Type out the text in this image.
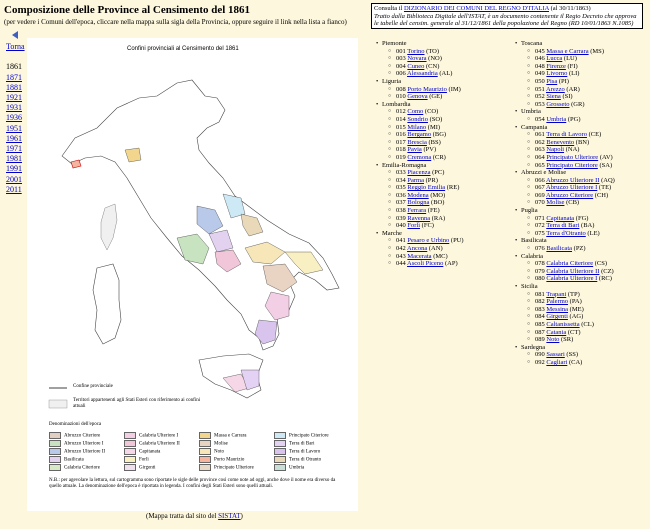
Composizione delle Province al Censimento del 1861
(per vedere i Comuni dell'epoca, cliccare nella mappa sulla sigla della Provincia, oppure seguire il link nella lista a fianco)
Consulta il DIZIONARIO DEI COMUNI DEL REGNO D'ITALIA (al 30/11/1863)
Tratto dalla Biblioteca Digitale dell'ISTAT, è un documento contenente il Regio Decreto che approva
le tabelle del censim. generale al 31/12/1861 della popolazione del Regno (RD 10/01/1863 N.1085)
Torna
1861
1871
1881
1921
1931
1936
1951
1961
1971
1981
1991
2001
2011
Confini provinciali al Censimento del 1861
Confine provinciale
Territori appartenenti agli Stati Esteri con riferimento ai confini attuali
Denominazioni dell'epoca
Abruzzo Citeriore	Calabria Ulteriore I	Massa e Carrara	Principato Citeriore
Abruzzo Ulteriore I	Calabria Ulteriore II	Molise	Terra di Bari
Abruzzo Ulteriore II	Capitanata	Noto	Terra di Lavoro
Basilicata	Forlì	Porto Maurizio	Terra di Otranto
Calabria Citeriore	Girgenti	Principato Ulteriore	Umbria
N.B.: per agevolare la lettura, sul cartogramma sono riportate le sigle delle province così come note ad oggi, anche dove il nome era diverso da quello attuale. La denominazione dell'epoca è riportata in legenda. I confini degli Stati Esteri sono quelli attuali.
(Mappa tratta dal sito del SISTAT)
• Piemonte
○ 001 Torino (TO)
○ 003 Novara (NO)
○ 004 Cuneo (CN)
○ 006 Alessandria (AL)
• Liguria
○ 008 Porto Maurizio (IM)
○ 010 Genova (GE)
• Lombardia
○ 012 Como (CO)
○ 014 Sondrio (SO)
○ 015 Milano (MI)
○ 016 Bergamo (BG)
○ 017 Brescia (BS)
○ 018 Pavia (PV)
○ 019 Cremona (CR)
• Emilia-Romagna
○ 033 Piacenza (PC)
○ 034 Parma (PR)
○ 035 Reggio Emilia (RE)
○ 036 Modena (MO)
○ 037 Bologna (BO)
○ 038 Ferrara (FE)
○ 039 Ravenna (RA)
○ 040 Forlì (FC)
• Marche
○ 041 Pesaro e Urbino (PU)
○ 042 Ancona (AN)
○ 043 Macerata (MC)
○ 044 Ascoli Piceno (AP)
• Toscana
○ 045 Massa e Carrara (MS)
○ 046 Lucca (LU)
○ 048 Firenze (FI)
○ 049 Livorno (LI)
○ 050 Pisa (PI)
○ 051 Arezzo (AR)
○ 052 Siena (SI)
○ 053 Grosseto (GR)
• Umbria
○ 054 Umbria (PG)
• Campania
○ 061 Terra di Lavoro (CE)
○ 062 Benevento (BN)
○ 063 Napoli (NA)
○ 064 Principato Ulteriore (AV)
○ 065 Principato Citeriore (SA)
• Abruzzi e Molise
○ 066 Abruzzo Ulteriore II (AQ)
○ 067 Abruzzo Ulteriore I (TE)
○ 069 Abruzzo Citeriore (CH)
○ 070 Molise (CB)
• Puglia
○ 071 Capitanata (FG)
○ 072 Terra di Bari (BA)
○ 075 Terra d'Otranto (LE)
• Basilicata
○ 076 Basilicata (PZ)
• Calabria
○ 078 Calabria Citeriore (CS)
○ 079 Calabria Ulteriore II (CZ)
○ 080 Calabria Ulteriore I (RC)
• Sicilia
○ 081 Trapani (TP)
○ 082 Palermo (PA)
○ 083 Messina (ME)
○ 084 Girgenti (AG)
○ 085 Caltanissetta (CL)
○ 087 Catania (CT)
○ 089 Noto (SR)
• Sardegna
○ 090 Sassari (SS)
○ 092 Cagliari (CA)
